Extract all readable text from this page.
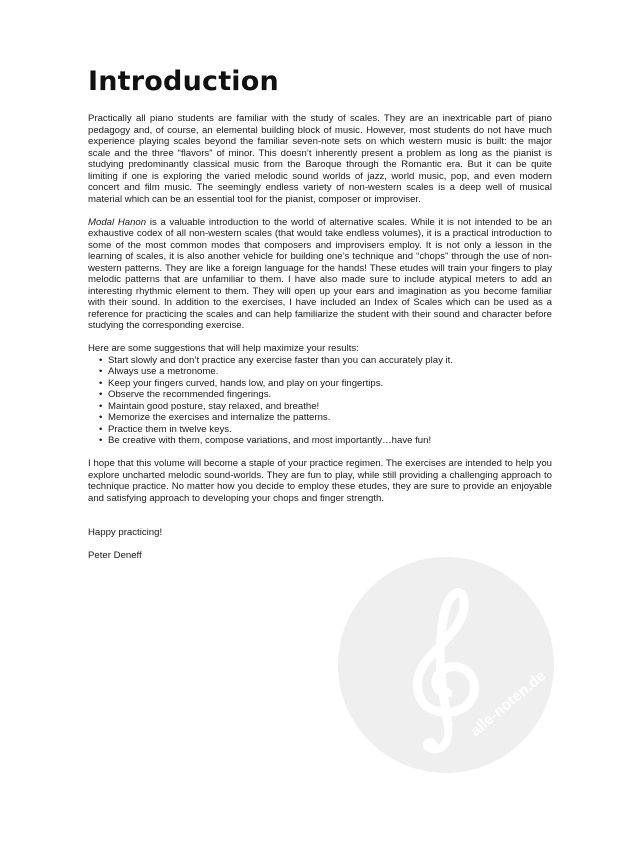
Introduction

Practically all piano students are familiar with the study of scales. They are an inextricable part of piano pedagogy and, of course, an elemental building block of music. However, most students do not have much experience playing scales beyond the familiar seven-note sets on which western music is built: the major scale and the three “flavors” of minor. This doesn’t inherently present a problem as long as the pianist is studying predominantly classical music from the Baroque through the Romantic era. But it can be quite limiting if one is exploring the varied melodic sound worlds of jazz, world music, pop, and even modern concert and film music. The seemingly endless variety of non-western scales is a deep well of musical material which can be an essential tool for the pianist, composer or improviser.

Modal Hanon is a valuable introduction to the world of alternative scales. While it is not intended to be an exhaustive codex of all non-western scales (that would take endless volumes), it is a practical introduction to some of the most common modes that composers and improvisers employ. It is not only a lesson in the learning of scales, it is also another vehicle for building one’s technique and “chops” through the use of non-western patterns. They are like a foreign language for the hands! These etudes will train your fingers to play melodic patterns that are unfamiliar to them. I have also made sure to include atypical meters to add an interesting rhythmic element to them. They will open up your ears and imagination as you become familiar with their sound. In addition to the exercises, I have included an Index of Scales which can be used as a reference for practicing the scales and can help familiarize the student with their sound and character before studying the corresponding exercise.

Here are some suggestions that will help maximize your results:
• Start slowly and don’t practice any exercise faster than you can accurately play it.
• Always use a metronome.
• Keep your fingers curved, hands low, and play on your fingertips.
• Observe the recommended fingerings.
• Maintain good posture, stay relaxed, and breathe!
• Memorize the exercises and internalize the patterns.
• Practice them in twelve keys.
• Be creative with them, compose variations, and most importantly…have fun!

I hope that this volume will become a staple of your practice regimen. The exercises are intended to help you explore uncharted melodic sound-worlds. They are fun to play, while still providing a challenging approach to technique practice. No matter how you decide to employ these etudes, they are sure to provide an enjoyable and satisfying approach to developing your chops and finger strength.

Happy practicing!

Peter Deneff

alle-noten.de
